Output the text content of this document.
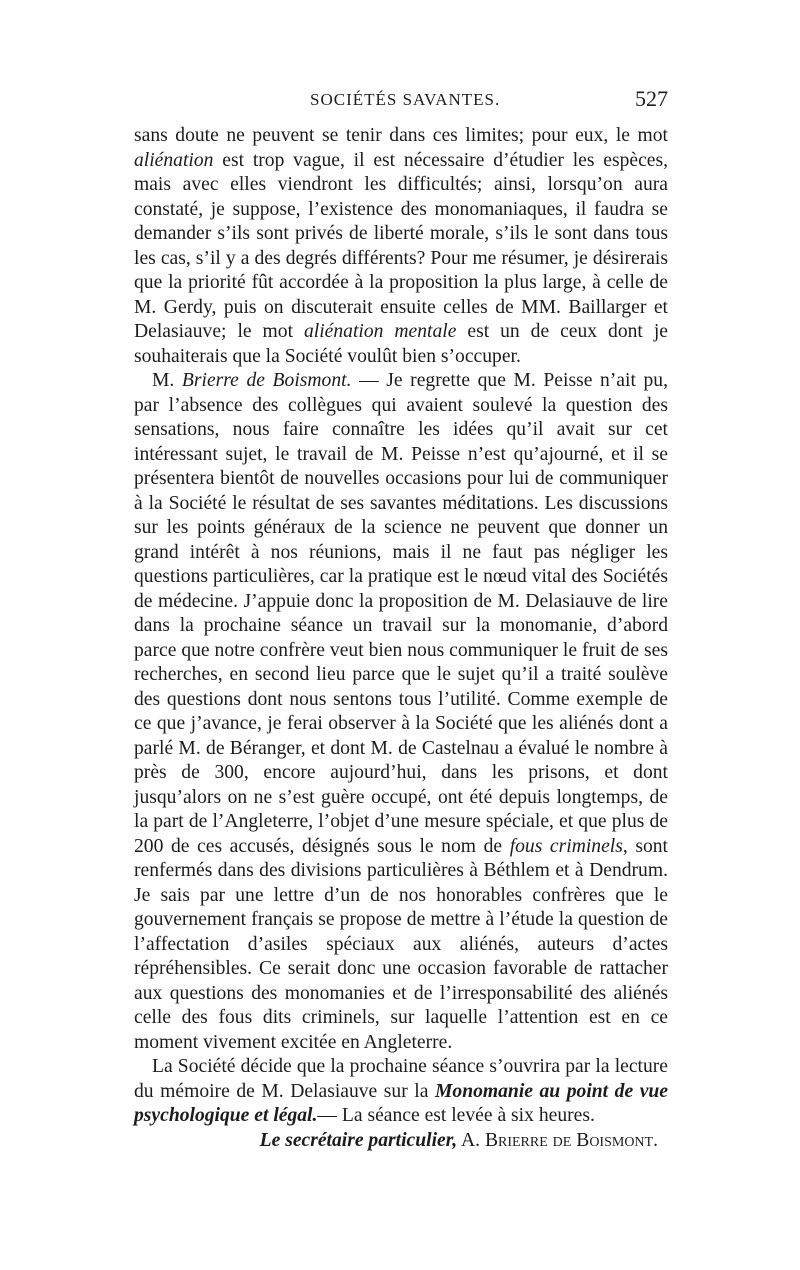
SOCIÉTÉS SAVANTES.	527

sans doute ne peuvent se tenir dans ces limites; pour eux, le mot aliénation est trop vague, il est nécessaire d’étudier les espèces, mais avec elles viendront les difficultés; ainsi, lorsqu’on aura constaté, je suppose, l’existence des monomaniaques, il faudra se demander s’ils sont privés de liberté morale, s’ils le sont dans tous les cas, s’il y a des degrés différents? Pour me résumer, je désirerais que la priorité fût accordée à la proposition la plus large, à celle de M. Gerdy, puis on discuterait ensuite celles de MM. Baillarger et Delasiauve; le mot aliénation mentale est un de ceux dont je souhaiterais que la Société voulût bien s’occuper.

M. Brierre de Boismont. — Je regrette que M. Peisse n’ait pu, par l’absence des collègues qui avaient soulevé la question des sensations, nous faire connaître les idées qu’il avait sur cet intéressant sujet, le travail de M. Peisse n’est qu’ajourné, et il se présentera bientôt de nouvelles occasions pour lui de communiquer à la Société le résultat de ses savantes méditations. Les discussions sur les points généraux de la science ne peuvent que donner un grand intérêt à nos réunions, mais il ne faut pas négliger les questions particulières, car la pratique est le nœud vital des Sociétés de médecine. J’appuie donc la proposition de M. Delasiauve de lire dans la prochaine séance un travail sur la monomanie, d’abord parce que notre confrère veut bien nous communiquer le fruit de ses recherches, en second lieu parce que le sujet qu’il a traité soulève des questions dont nous sentons tous l’utilité. Comme exemple de ce que j’avance, je ferai observer à la Société que les aliénés dont a parlé M. de Béranger, et dont M. de Castelnau a évalué le nombre à près de 300, encore aujourd’hui, dans les prisons, et dont jusqu’alors on ne s’est guère occupé, ont été depuis longtemps, de la part de l’Angleterre, l’objet d’une mesure spéciale, et que plus de 200 de ces accusés, désignés sous le nom de fous criminels, sont renfermés dans des divisions particulières à Béthlem et à Dendrum. Je sais par une lettre d’un de nos honorables confrères que le gouvernement français se propose de mettre à l’étude la question de l’affectation d’asiles spéciaux aux aliénés, auteurs d’actes répréhensibles. Ce serait donc une occasion favorable de rattacher aux questions des monomanies et de l’irresponsabilité des aliénés celle des fous dits criminels, sur laquelle l’attention est en ce moment vivement excitée en Angleterre.

La Société décide que la prochaine séance s’ouvrira par la lecture du mémoire de M. Delasiauve sur la Monomanie au point de vue psychologique et légal.— La séance est levée à six heures.

Le secrétaire particulier, A. Brierre de Boismont.
